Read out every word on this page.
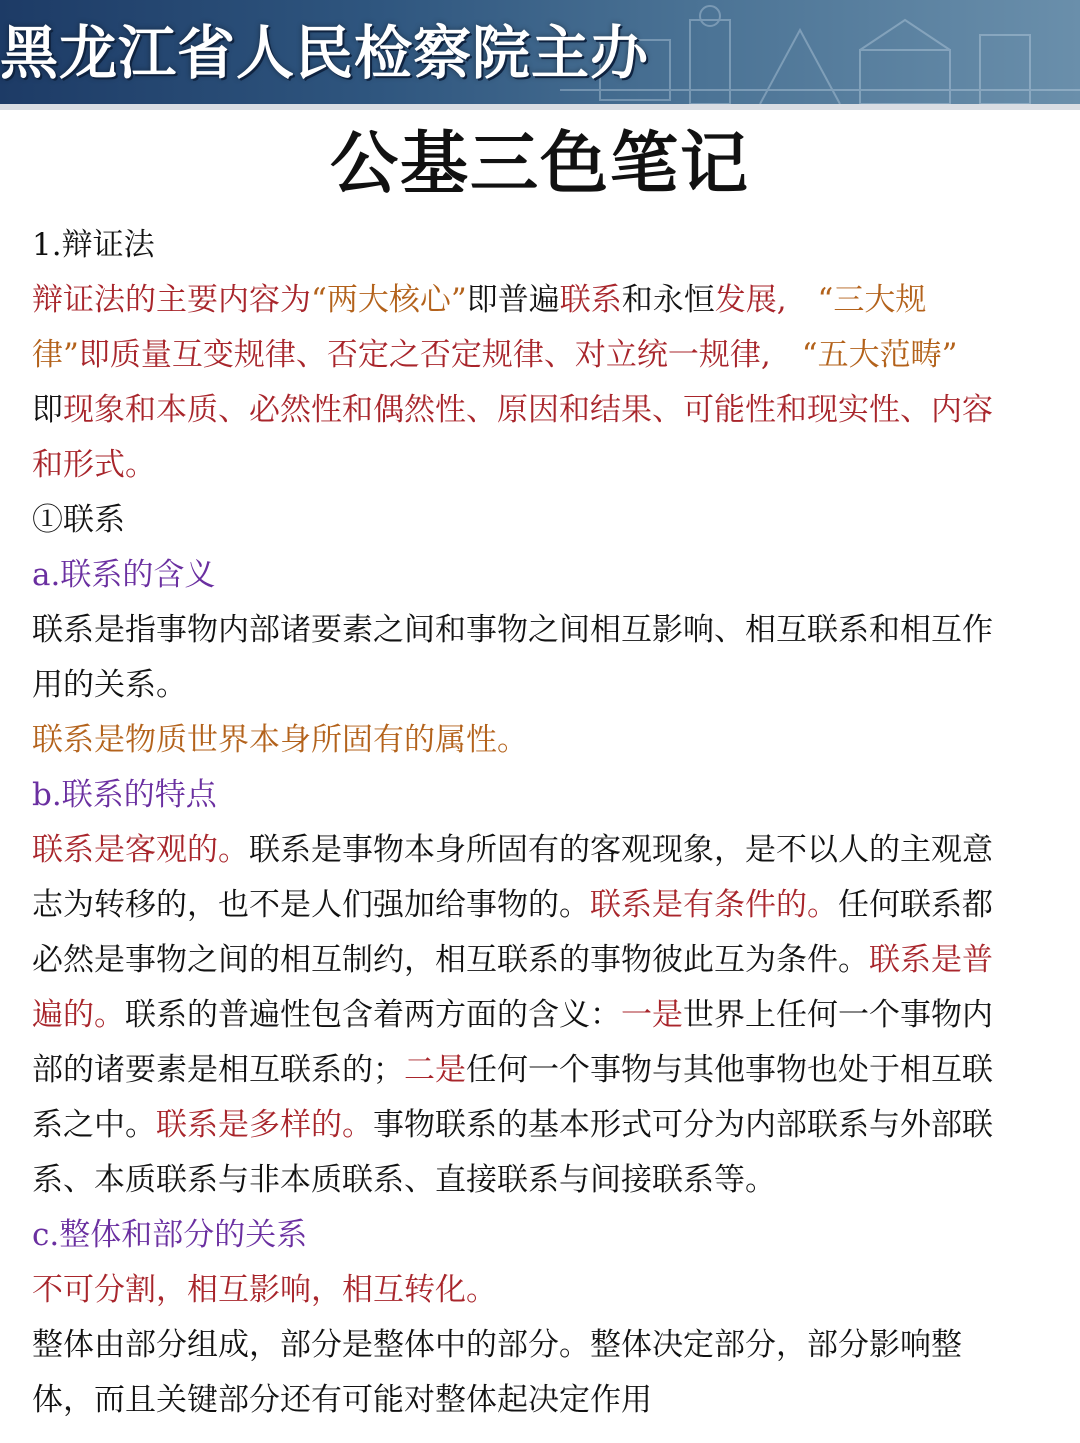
黑龙江省人民检察院主办
公基三色笔记
1.辩证法
辩证法的主要内容为“两大核心”即普遍联系和永恒发展,　“三大规
律”即质量互变规律、否定之否定规律、对立统一规律,　“五大范畴”
即现象和本质、必然性和偶然性、原因和结果、可能性和现实性、内容
和形式。
①联系
a.联系的含义
联系是指事物内部诸要素之间和事物之间相互影响、相互联系和相互作
用的关系。
联系是物质世界本身所固有的属性。
b.联系的特点
联系是客观的。联系是事物本身所固有的客观现象，是不以人的主观意
志为转移的，也不是人们强加给事物的。联系是有条件的。任何联系都
必然是事物之间的相互制约，相互联系的事物彼此互为条件。联系是普
遍的。联系的普遍性包含着两方面的含义：一是世界上任何一个事物内
部的诸要素是相互联系的；二是任何一个事物与其他事物也处于相互联
系之中。联系是多样的。事物联系的基本形式可分为内部联系与外部联
系、本质联系与非本质联系、直接联系与间接联系等。
c.整体和部分的关系
不可分割，相互影响，相互转化。
整体由部分组成，部分是整体中的部分。整体决定部分，部分影响整
体，而且关键部分还有可能对整体起决定作用
